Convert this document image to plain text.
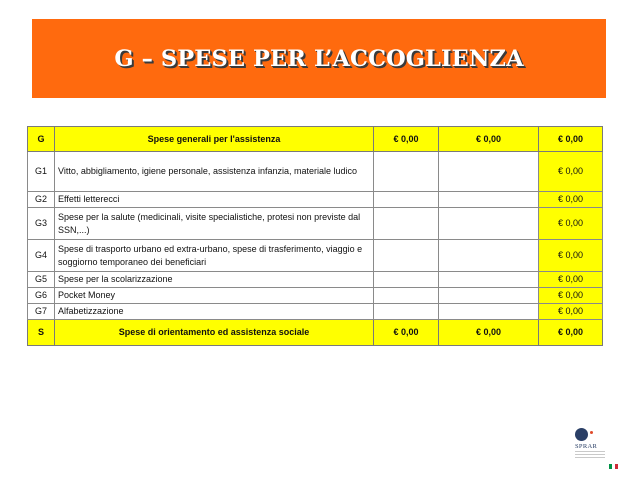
G – SPESE PER L’ACCOGLIENZA
G	Spese generali per l'assistenza	€ 0,00	€ 0,00	€ 0,00
G1	Vitto, abbigliamento, igiene personale, assistenza infanzia, materiale ludico			€ 0,00
G2	Effetti letterecci			€ 0,00
G3	Spese per la salute (medicinali, visite specialistiche, protesi non previste dal SSN,...)			€ 0,00
G4	Spese di trasporto urbano ed extra-urbano, spese di trasferimento, viaggio e soggiorno temporaneo dei beneficiari			€ 0,00
G5	Spese per la scolarizzazione			€ 0,00
G6	Pocket Money			€ 0,00
G7	Alfabetizzazione			€ 0,00
S	Spese di orientamento ed assistenza sociale	€ 0,00	€ 0,00	€ 0,00
SPRAR
